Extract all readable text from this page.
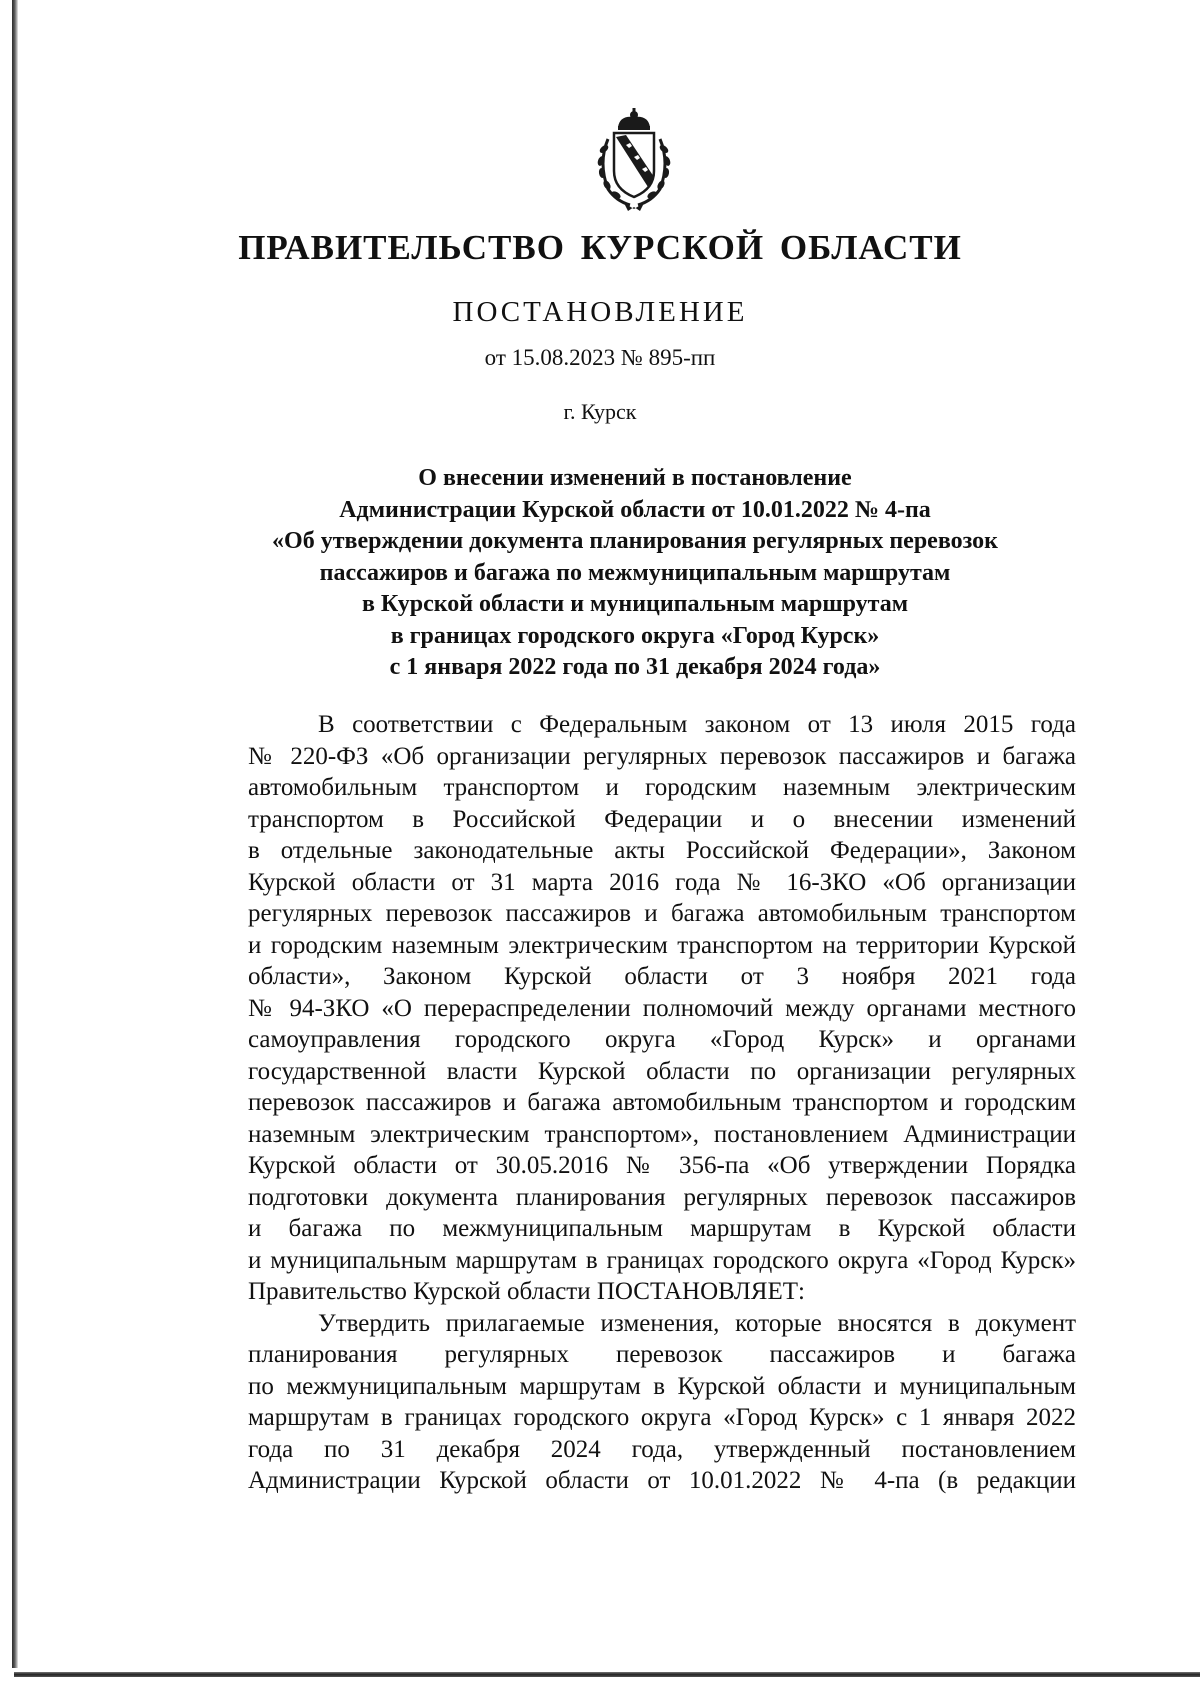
ПРАВИТЕЛЬСТВО КУРСКОЙ ОБЛАСТИ
ПОСТАНОВЛЕНИЕ
от 15.08.2023 № 895-пп
г. Курск
О внесении изменений в постановление
Администрации Курской области от 10.01.2022 № 4-па
«Об утверждении документа планирования регулярных перевозок
пассажиров и багажа по межмуниципальным маршрутам
в Курской области и муниципальным маршрутам
в границах городского округа «Город Курск»
с 1 января 2022 года по 31 декабря 2024 года»
В соответствии с Федеральным законом от 13 июля 2015 года
№ 220-ФЗ «Об организации регулярных перевозок пассажиров и багажа
автомобильным транспортом и городским наземным электрическим
транспортом в Российской Федерации и о внесении изменений
в отдельные законодательные акты Российской Федерации», Законом
Курской области от 31 марта 2016 года № 16-ЗКО «Об организации
регулярных перевозок пассажиров и багажа автомобильным транспортом
и городским наземным электрическим транспортом на территории Курской
области», Законом Курской области от 3 ноября 2021 года
№ 94-ЗКО «О перераспределении полномочий между органами местного
самоуправления городского округа «Город Курск» и органами
государственной власти Курской области по организации регулярных
перевозок пассажиров и багажа автомобильным транспортом и городским
наземным электрическим транспортом», постановлением Администрации
Курской области от 30.05.2016 № 356-па «Об утверждении Порядка
подготовки документа планирования регулярных перевозок пассажиров
и багажа по межмуниципальным маршрутам в Курской области
и муниципальным маршрутам в границах городского округа «Город Курск»
Правительство Курской области ПОСТАНОВЛЯЕТ:
Утвердить прилагаемые изменения, которые вносятся в документ
планирования регулярных перевозок пассажиров и багажа
по межмуниципальным маршрутам в Курской области и муниципальным
маршрутам в границах городского округа «Город Курск» с 1 января 2022
года по 31 декабря 2024 года, утвержденный постановлением
Администрации Курской области от 10.01.2022 № 4-па (в редакции
